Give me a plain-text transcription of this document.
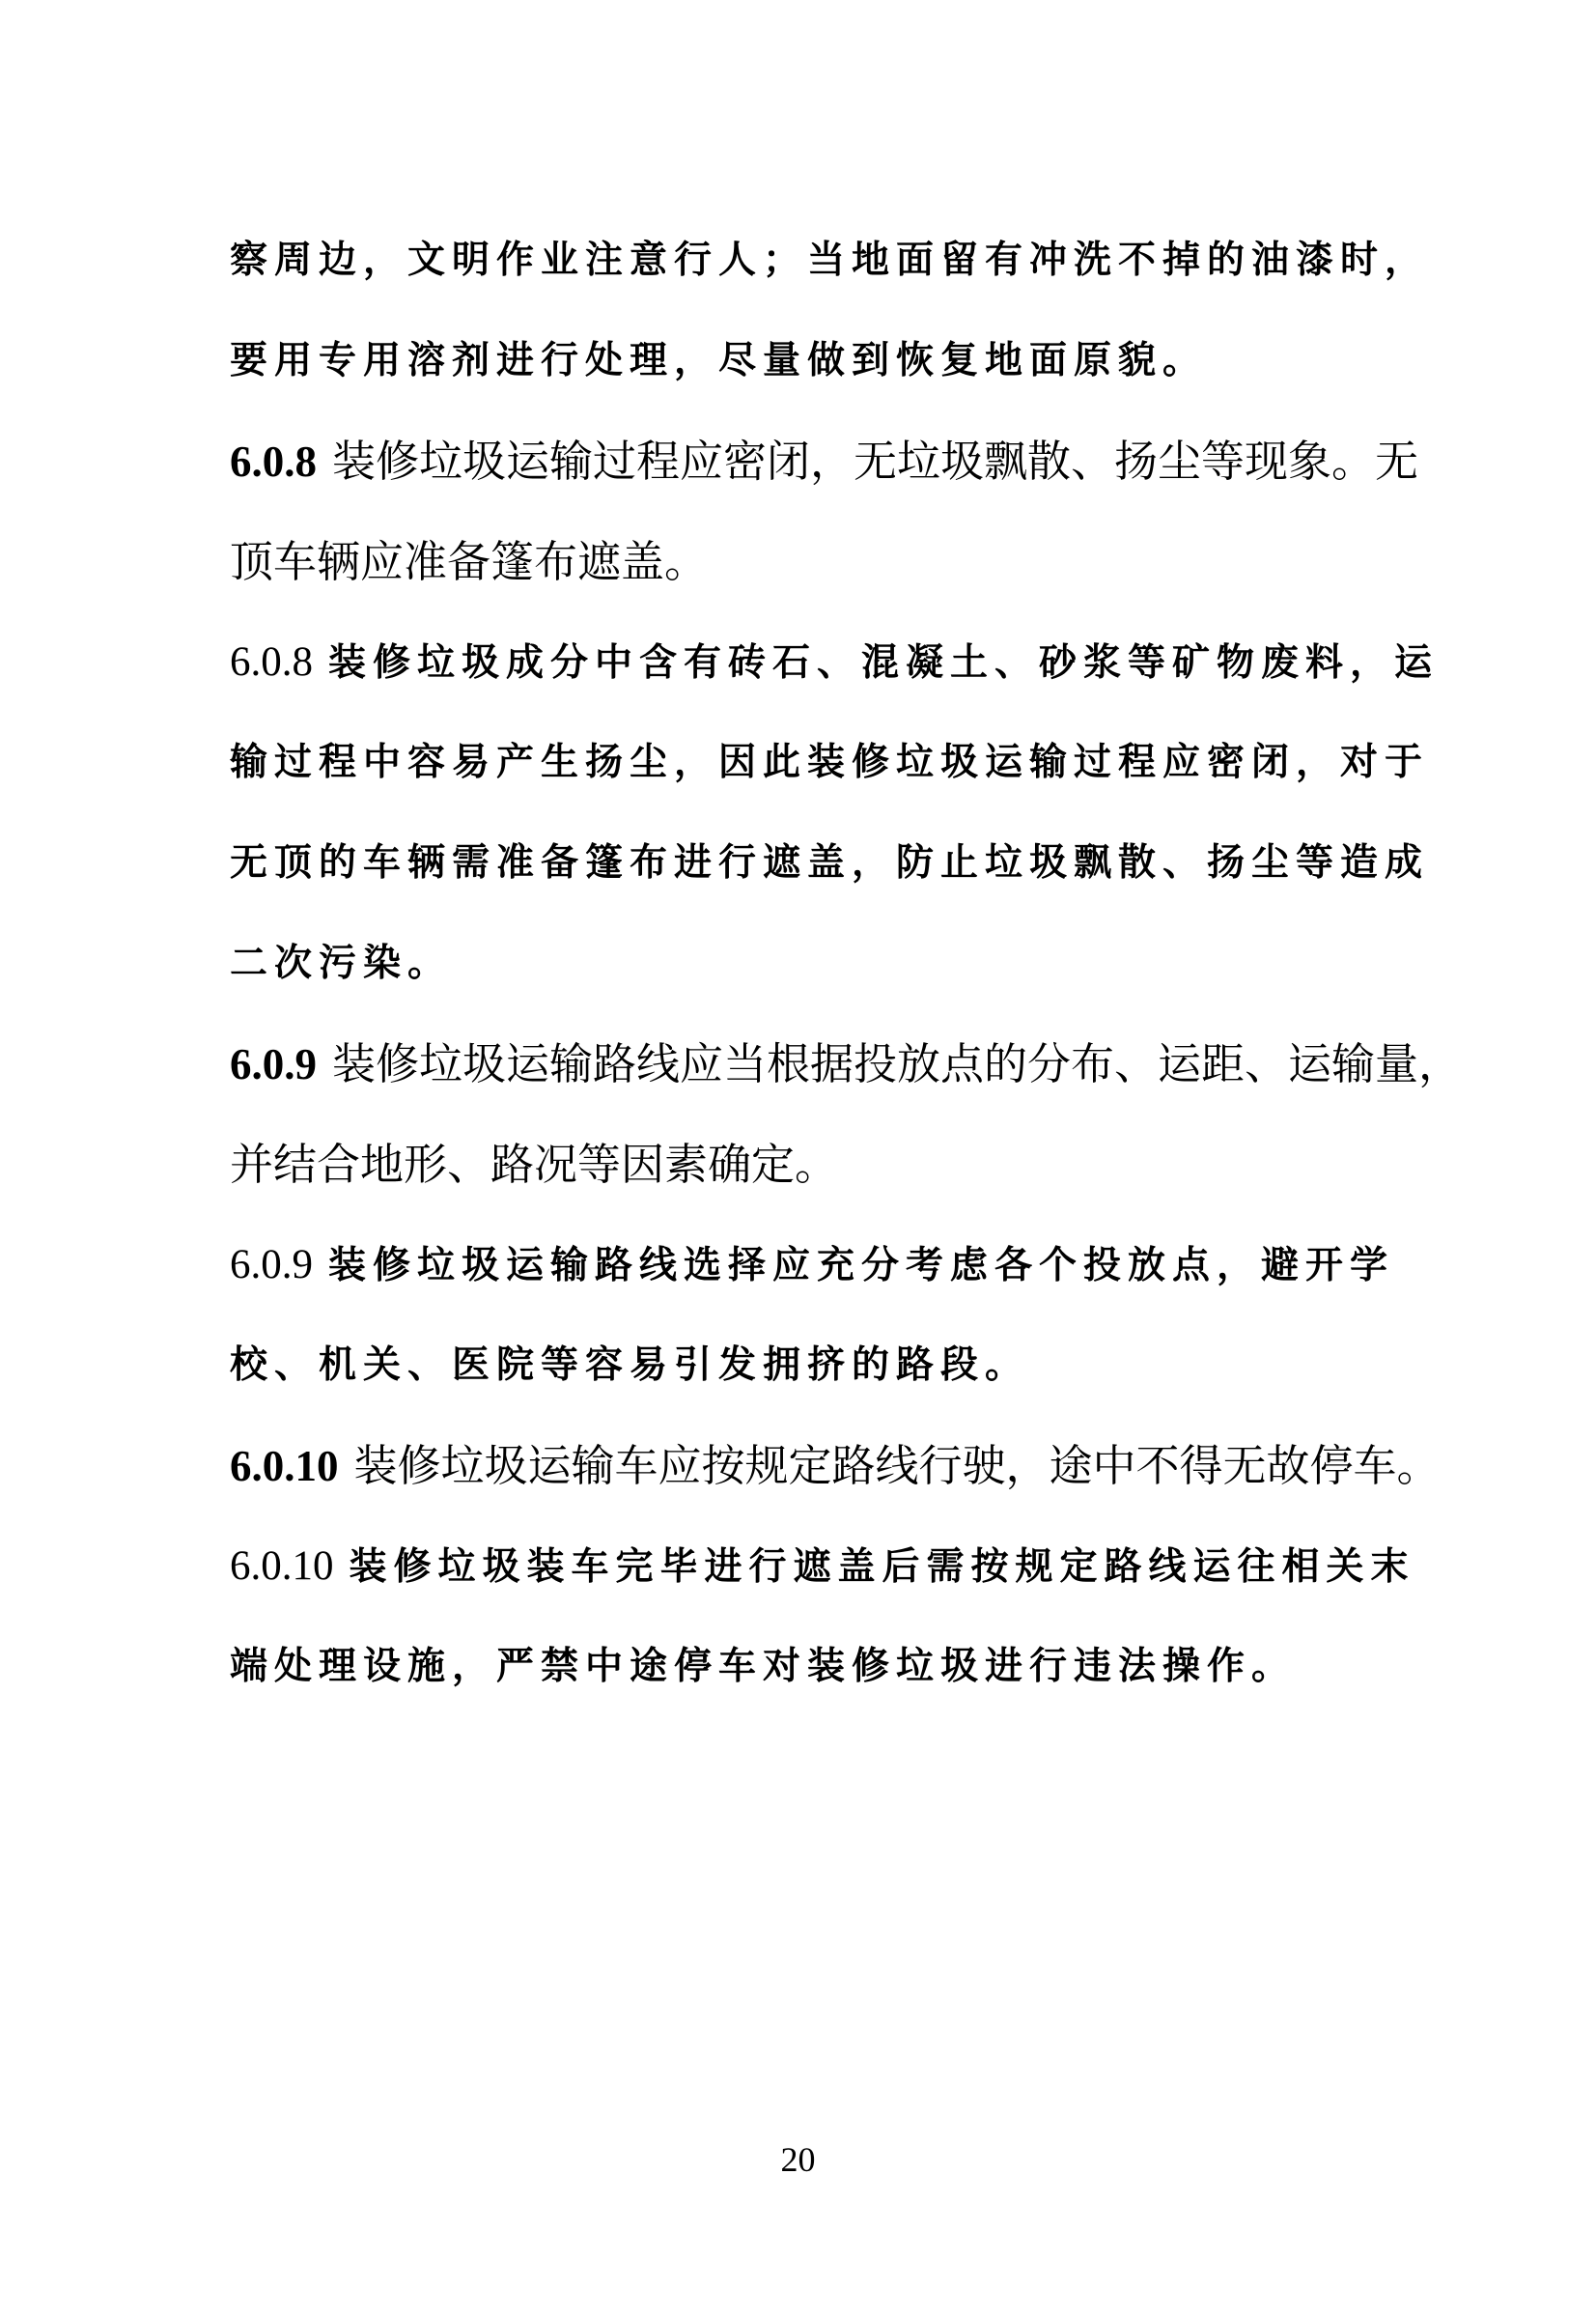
察周边，文明作业注意行人；当地面留有冲洗不掉的油漆时，
要用专用溶剂进行处理，尽量做到恢复地面原貌。
6.0.8 装修垃圾运输过程应密闭，无垃圾飘散、扬尘等现象。无
顶车辆应准备篷布遮盖。
6.0.8 装修垃圾成分中含有砖石、混凝土、砂浆等矿物废料，运
输过程中容易产生扬尘，因此装修垃圾运输过程应密闭，对于
无顶的车辆需准备篷布进行遮盖，防止垃圾飘散、扬尘等造成
二次污染。
6.0.9 装修垃圾运输路线应当根据投放点的分布、运距、运输量，
并结合地形、路况等因素确定。
6.0.9 装修垃圾运输路线选择应充分考虑各个投放点，避开学
校、机关、医院等容易引发拥挤的路段。
6.0.10 装修垃圾运输车应按规定路线行驶，途中不得无故停车。
6.0.10 装修垃圾装车完毕进行遮盖后需按规定路线运往相关末
端处理设施，严禁中途停车对装修垃圾进行违法操作。
20
